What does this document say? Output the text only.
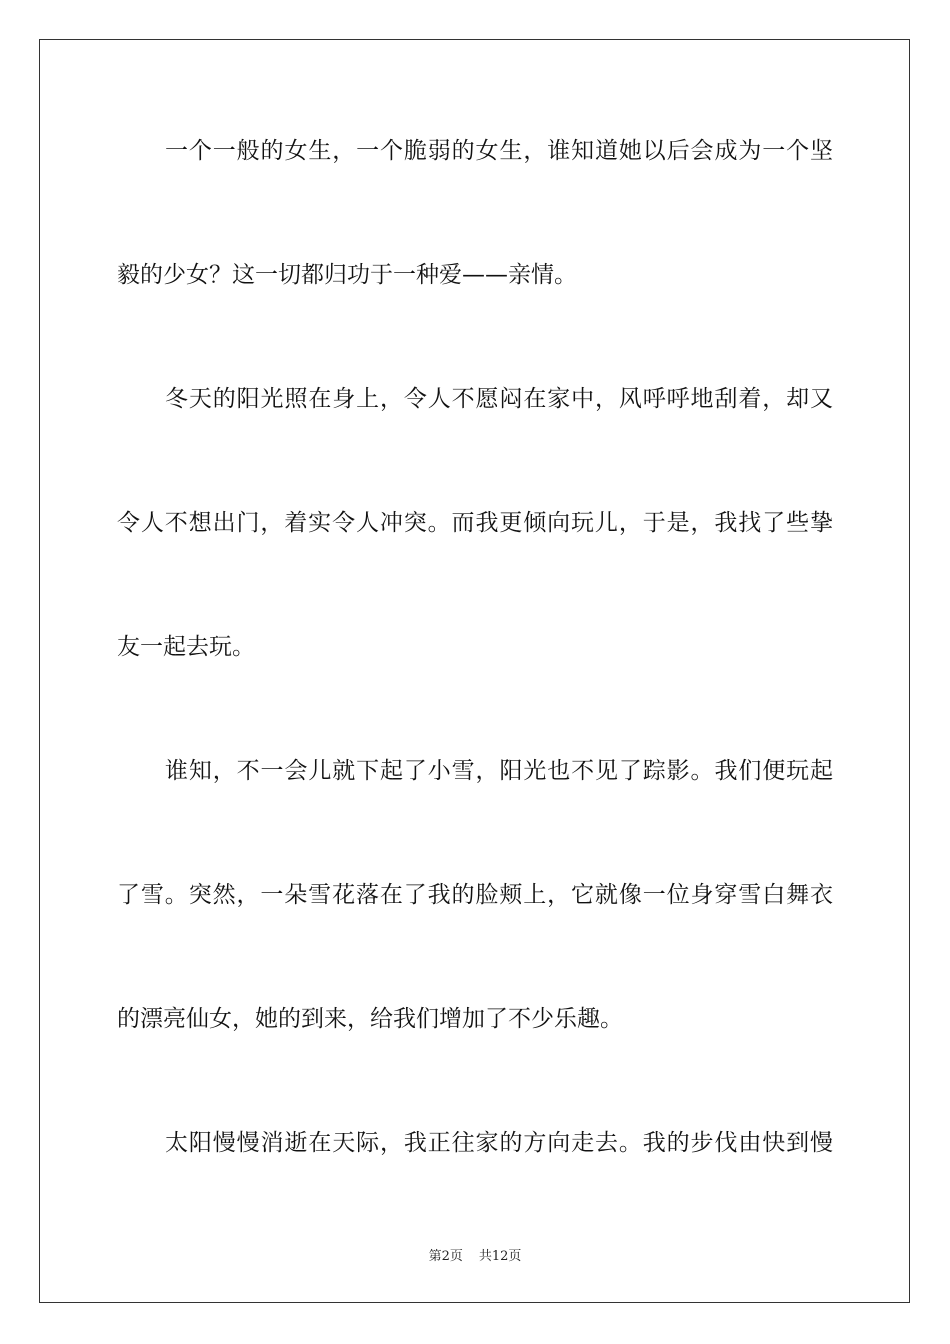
一个一般的女生，一个脆弱的女生，谁知道她以后会成为一个坚
毅的少女？这一切都归功于一种爱——亲情。
冬天的阳光照在身上，令人不愿闷在家中，风呼呼地刮着，却又
令人不想出门，着实令人冲突。而我更倾向玩儿，于是，我找了些挚
友一起去玩。
谁知，不一会儿就下起了小雪，阳光也不见了踪影。我们便玩起
了雪。突然，一朵雪花落在了我的脸颊上，它就像一位身穿雪白舞衣
的漂亮仙女，她的到来，给我们增加了不少乐趣。
太阳慢慢消逝在天际，我正往家的方向走去。我的步伐由快到慢
第2页 共12页
